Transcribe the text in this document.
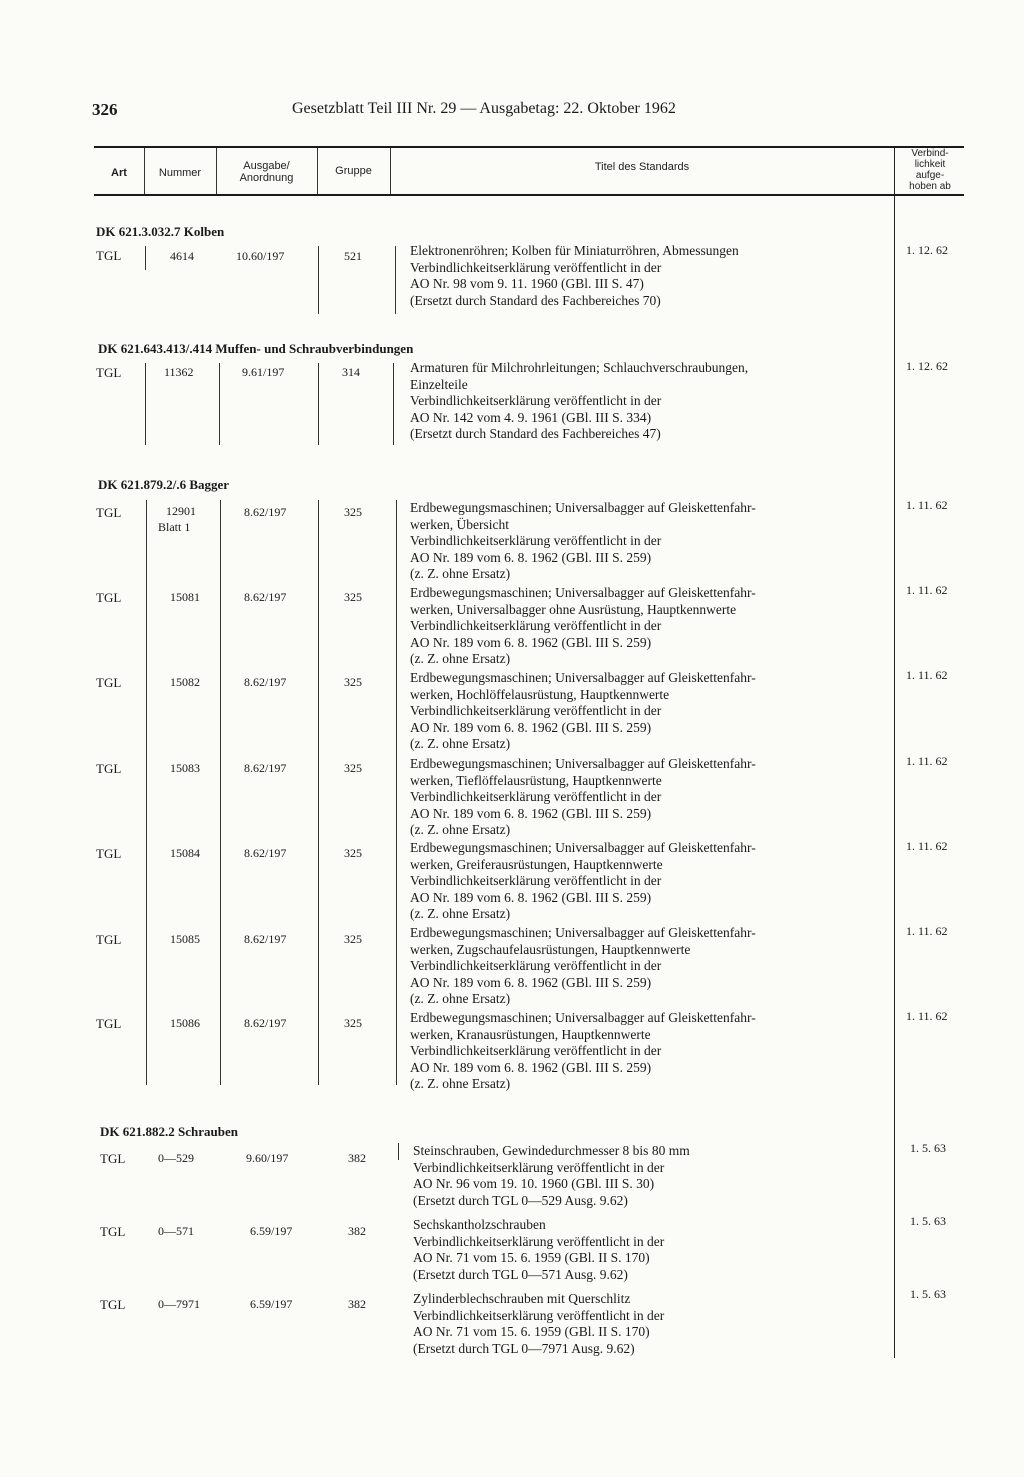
326	Gesetzblatt Teil III Nr. 29 — Ausgabetag: 22. Oktober 1962
Art	Nummer
Ausgabe/
Anordnung
Gruppe	Titel des Standards
Verbind-
lichkeit
aufge-
hoben ab
DK 621.3.032.7 Kolben
DK 621.643.413/.414 Muffen- und Schraubverbindungen
DK 621.879.2/.6 Bagger
DK 621.882.2 Schrauben
TGL	4614	10.60/197	521	Elektronenröhren; Kolben für Miniaturröhren, Abmessungen
Verbindlichkeitserklärung veröffentlicht in der
AO Nr. 98 vom 9. 11. 1960 (GBl. III S. 47)
(Ersetzt durch Standard des Fachbereiches 70)
1. 12. 62
TGL	11362	9.61/197	314	Armaturen für Milchrohrleitungen; Schlauchverschraubungen,
Einzelteile
Verbindlichkeitserklärung veröffentlicht in der
AO Nr. 142 vom 4. 9. 1961 (GBl. III S. 334)
(Ersetzt durch Standard des Fachbereiches 47)
1. 12. 62
TGL	12901
Blatt 1
8.62/197	325	Erdbewegungsmaschinen; Universalbagger auf Gleiskettenfahr-
werken, Übersicht
Verbindlichkeitserklärung veröffentlicht in der
AO Nr. 189 vom 6. 8. 1962 (GBl. III S. 259)
(z. Z. ohne Ersatz)
1. 11. 62
TGL	15081	8.62/197	325	Erdbewegungsmaschinen; Universalbagger auf Gleiskettenfahr-
werken, Universalbagger ohne Ausrüstung, Hauptkennwerte
Verbindlichkeitserklärung veröffentlicht in der
AO Nr. 189 vom 6. 8. 1962 (GBl. III S. 259)
(z. Z. ohne Ersatz)
1. 11. 62
TGL	15082	8.62/197	325	Erdbewegungsmaschinen; Universalbagger auf Gleiskettenfahr-
werken, Hochlöffelausrüstung, Hauptkennwerte
Verbindlichkeitserklärung veröffentlicht in der
AO Nr. 189 vom 6. 8. 1962 (GBl. III S. 259)
(z. Z. ohne Ersatz)
1. 11. 62
TGL	15083	8.62/197	325	Erdbewegungsmaschinen; Universalbagger auf Gleiskettenfahr-
werken, Tieflöffelausrüstung, Hauptkennwerte
Verbindlichkeitserklärung veröffentlicht in der
AO Nr. 189 vom 6. 8. 1962 (GBl. III S. 259)
(z. Z. ohne Ersatz)
1. 11. 62
TGL	15084	8.62/197	325	Erdbewegungsmaschinen; Universalbagger auf Gleiskettenfahr-
werken, Greiferausrüstungen, Hauptkennwerte
Verbindlichkeitserklärung veröffentlicht in der
AO Nr. 189 vom 6. 8. 1962 (GBl. III S. 259)
(z. Z. ohne Ersatz)
1. 11. 62
TGL	15085	8.62/197	325	Erdbewegungsmaschinen; Universalbagger auf Gleiskettenfahr-
werken, Zugschaufelausrüstungen, Hauptkennwerte
Verbindlichkeitserklärung veröffentlicht in der
AO Nr. 189 vom 6. 8. 1962 (GBl. III S. 259)
(z. Z. ohne Ersatz)
1. 11. 62
TGL	15086	8.62/197	325	Erdbewegungsmaschinen; Universalbagger auf Gleiskettenfahr-
werken, Kranausrüstungen, Hauptkennwerte
Verbindlichkeitserklärung veröffentlicht in der
AO Nr. 189 vom 6. 8. 1962 (GBl. III S. 259)
(z. Z. ohne Ersatz)
1. 11. 62
TGL	0—529	9.60/197	382	Steinschrauben, Gewindedurchmesser 8 bis 80 mm
Verbindlichkeitserklärung veröffentlicht in der
AO Nr. 96 vom 19. 10. 1960 (GBl. III S. 30)
(Ersetzt durch TGL 0—529 Ausg. 9.62)
1. 5. 63
TGL	0—571	6.59/197	382	Sechskantholzschrauben
Verbindlichkeitserklärung veröffentlicht in der
AO Nr. 71 vom 15. 6. 1959 (GBl. II S. 170)
(Ersetzt durch TGL 0—571 Ausg. 9.62)
1. 5. 63
TGL	0—7971	6.59/197	382	Zylinderblechschrauben mit Querschlitz
Verbindlichkeitserklärung veröffentlicht in der
AO Nr. 71 vom 15. 6. 1959 (GBl. II S. 170)
(Ersetzt durch TGL 0—7971 Ausg. 9.62)
1. 5. 63
